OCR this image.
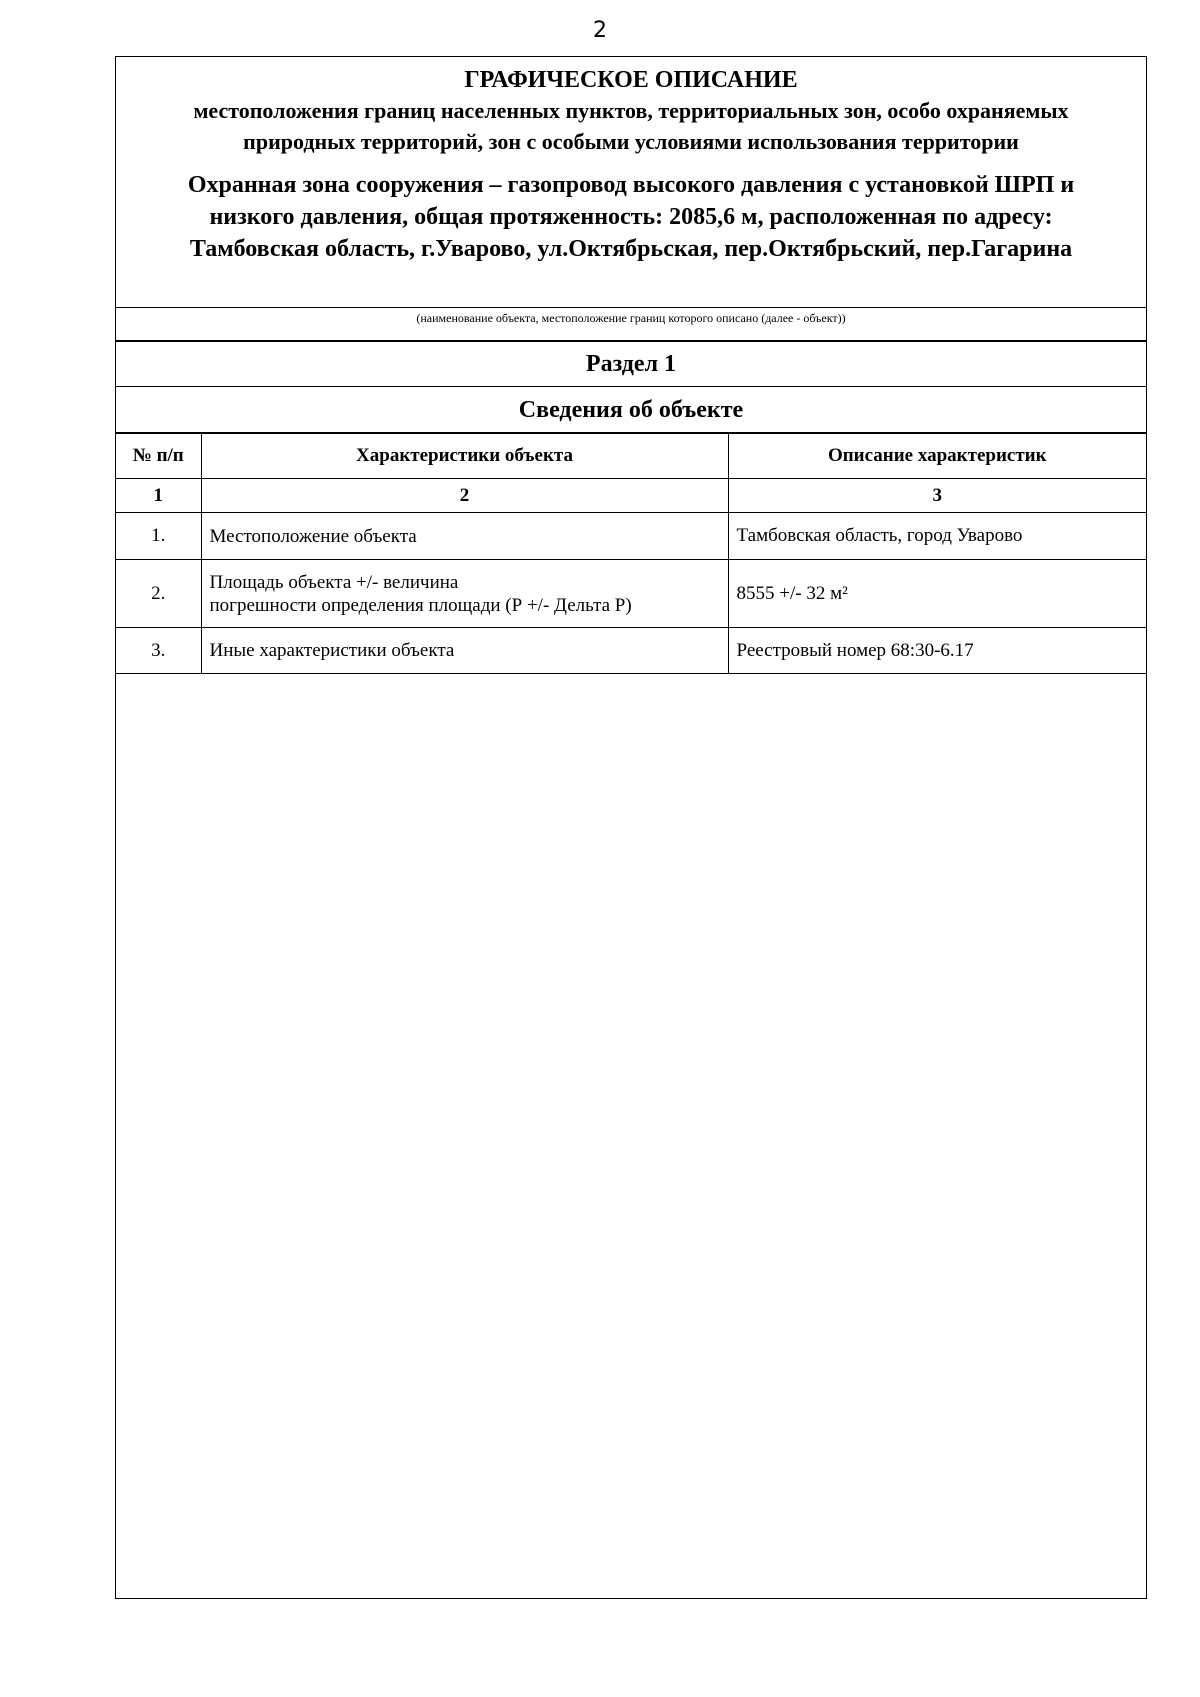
2
ГРАФИЧЕСКОЕ ОПИСАНИЕ
местоположения границ населенных пунктов, территориальных зон, особо охраняемых природных территорий, зон с особыми условиями использования территории
Охранная зона сооружения – газопровод высокого давления с установкой ШРП и
низкого давления, общая протяженность: 2085,6 м, расположенная по адресу:
Тамбовская область, г.Уварово, ул.Октябрьская, пер.Октябрьский, пер.Гагарина
(наименование объекта, местоположение границ которого описано (далее - объект))
Раздел 1
Сведения об объекте
№ п/п	Характеристики объекта	Описание характеристик
1	2	3
1.	Местоположение объекта	Тамбовская область, город Уварово
2.	Площадь объекта +/- величина
погрешности определения площади (Р +/- Дельта Р)	8555 +/- 32 м²
3.	Иные характеристики объекта	Реестровый номер 68:30-6.17
